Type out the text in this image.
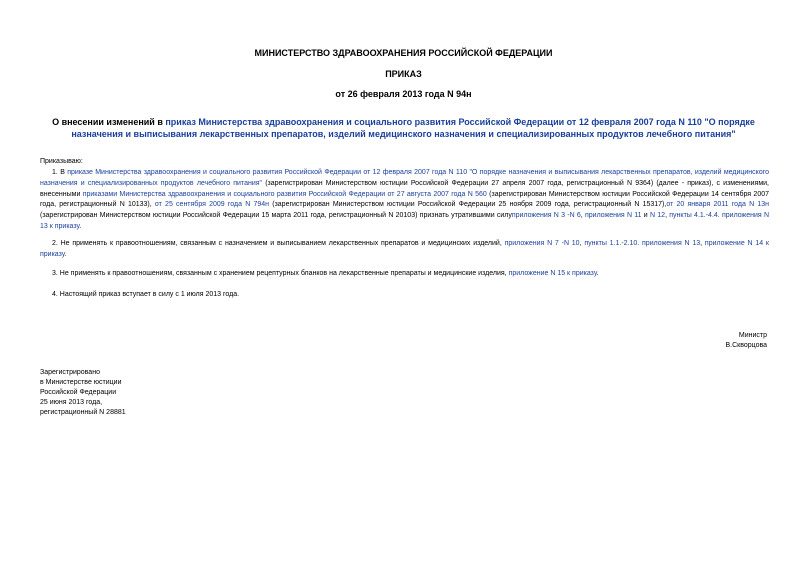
МИНИСТЕРСТВО ЗДРАВООХРАНЕНИЯ РОССИЙСКОЙ ФЕДЕРАЦИИ
ПРИКАЗ
от 26 февраля 2013 года N 94н
О внесении изменений в приказ Министерства здравоохранения и социального развития Российской Федерации от 12 февраля 2007 года N 110 "О порядке назначения и выписывания лекарственных препаратов, изделий медицинского назначения и специализированных продуктов лечебного питания"
Приказываю:
1. В приказе Министерства здравоохранения и социального развития Российской Федерации от 12 февраля 2007 года N 110 "О порядке назначения и выписывания лекарственных препаратов, изделий медицинского назначения и специализированных продуктов лечебного питания" (зарегистрирован Министерством юстиции Российской Федерации 27 апреля 2007 года, регистрационный N 9364) (далее - приказ), с изменениями, внесенными приказами Министерства здравоохранения и социального развития Российской Федерации от 27 августа 2007 года N 560 (зарегистрирован Министерством юстиции Российской Федерации 14 сентября 2007 года, регистрационный N 10133), от 25 сентября 2009 года N 794н (зарегистрирован Министерством юстиции Российской Федерации 25 ноября 2009 года, регистрационный N 15317),от 20 января 2011 года N 13н (зарегистрирован Министерством юстиции Российской Федерации 15 марта 2011 года, регистрационный N 20103) признать утратившими силуприложения N 3 -N 6, приложения N 11 и N 12, пункты 4.1.-4.4. приложения N 13 к приказу.
2. Не применять к правоотношениям, связанным с назначением и выписыванием лекарственных препаратов и медицинских изделий, приложения N 7 -N 10, пункты 1.1.-2.10. приложения N 13, приложение N 14 к приказу.
3. Не применять к правоотношениям, связанным с хранением рецептурных бланков на лекарственные препараты и медицинские изделия, приложение N 15 к приказу.
4. Настоящий приказ вступает в силу с 1 июля 2013 года.
Министр
В.Скворцова
Зарегистрировано
в Министерстве юстиции
Российской Федерации
25 июня 2013 года,
регистрационный N 28881
